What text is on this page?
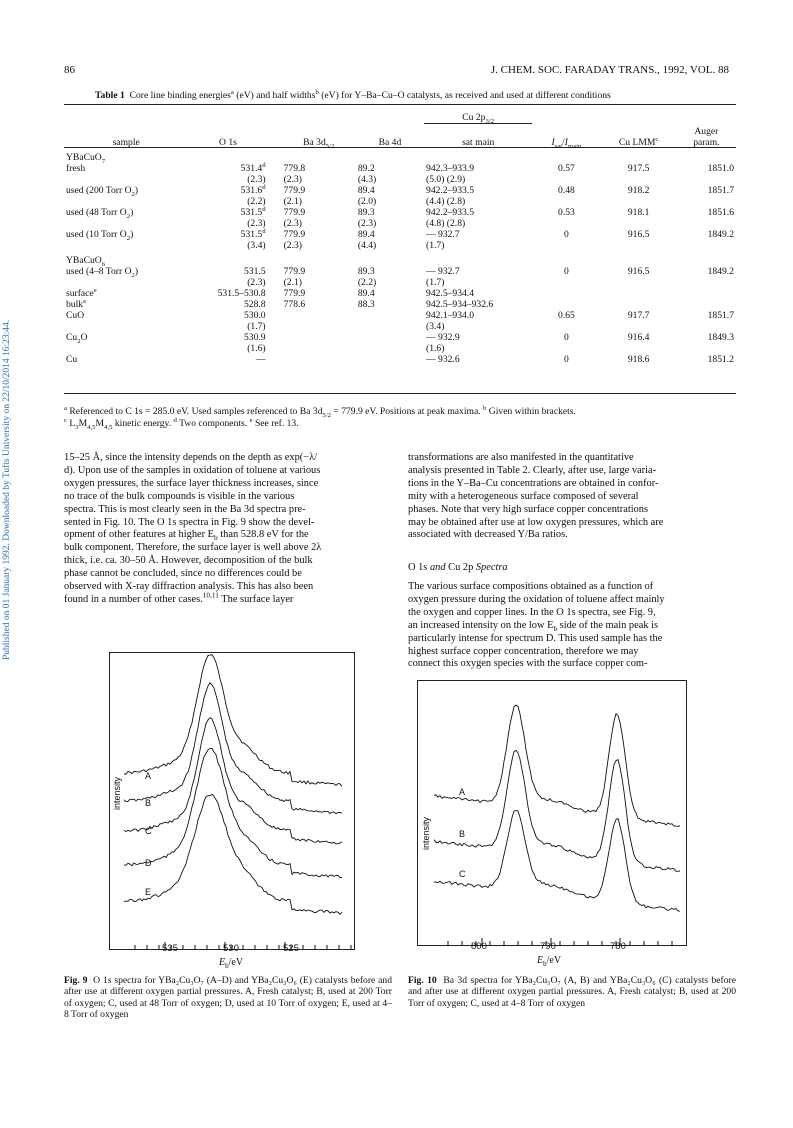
Published on 01 January 1992. Downloaded by Tufts University on 22/10/2014 16:23:44.
86	J. CHEM. SOC. FARADAY TRANS., 1992, VOL. 88
Table 1 Core line binding energies$^a$ (eV) and half widths$^b$ (eV) for Y–Ba–Cu–O catalysts, as received and used at different conditions
				Cu $2p_{3/2}$			

							Auger
sample	O 1s	Ba $3d_{5/2}$	Ba 4d	sat main	$I_{sat}/I_{main}$	Cu LMM$^c$	param.
YBaCuO$_7$
fresh	531.4$^d$	779.8	89.2	942.3–933.9	0.57	917.5	1851.0
	(2.3)	(2.3)	(4.3)	(5.0) (2.9)			
used (200 Torr $O_2$)	531.6$^d$	779.9	89.4	942.2–933.5	0.48	918.2	1851.7
	(2.2)	(2.1)	(2.0)	(4.4) (2.8)			
used (48 Torr $O_2$)	531.5$^d$	779.9	89.3	942.2–933.5	0.53	918.1	1851.6
	(2.3)	(2.3)	(2.3)	(4.8) (2.8)			
used (10 Torr $O_2$)	531.5$^d$	779.9	89.4	— 932.7	0	916.5	1849.2
	(3.4)	(2.3)	(4.4)	(1.7)			
YBaCuO$_6$
used (4–8 Torr $O_2$)	531.5	779.9	89.3	— 932.7	0	916.5	1849.2
	(2.3)	(2.1)	(2.2)	(1.7)			
surface$^e$	531.5–530.8	779.9	89.4	942.5–934.4			
bulk$^e$	528.8	778.6	88.3	942.5–934–932.6			
CuO	530.0			942.1–934.0	0.65	917.7	1851.7
	(1.7)			(3.4)			
$Cu_2O$	530.9			— 932.9	0	916.4	1849.3
	(1.6)			(1.6)			
Cu	—			— 932.6	0	918.6	1851.2
$^a$ Referenced to C 1s = 285.0 eV. Used samples referenced to Ba $3d_{5/2} = 779.9$ eV. Positions at peak maxima. $^b$ Given within brackets.
$^c$ $L_3M_{4,5}M_{4,5}$ kinetic energy. $^d$ Two components. $^e$ See ref. 13.

15–25 Å, since the intensity depends on the depth as exp(−λ/

d). Upon use of the samples in oxidation of toluene at various

oxygen pressures, the surface layer thickness increases, since

no trace of the bulk compounds is visible in the various

spectra. This is most clearly seen in the Ba 3d spectra pre-

sented in Fig. 10. The O 1s spectra in Fig. 9 show the devel-

opment of other features at higher $E_b$ than 528.8 eV for the

bulk component. Therefore, the surface layer is well above 2λ

thick, i.e. ca. 30–50 Å. However, decomposition of the bulk

phase cannot be concluded, since no differences could be

observed with X-ray diffraction analysis. This has also been

found in a number of other cases.$^{10,11}$ The surface layer

transformations are also manifested in the quantitative

analysis presented in Table 2. Clearly, after use, large varia-

tions in the Y–Ba–Cu concentrations are obtained in confor-

mity with a heterogeneous surface composed of several

phases. Note that very high surface copper concentrations

may be obtained after use at low oxygen pressures, which are

associated with decreased Y/Ba ratios.

O 1s and Cu 2p Spectra

The various surface compositions obtained as a function of

oxygen pressure during the oxidation of toluene affect mainly

the oxygen and copper lines. In the O 1s spectra, see Fig. 9,

an increased intensity on the low $E_b$ side of the main peak is

particularly intense for spectrum D. This used sample has the

highest surface copper concentration, therefore we may

connect this oxygen species with the surface copper com-

intensity
A
B
C
D
E
535	530	525
$E_b/eV$
Fig. 9 O 1s spectra for YBa₂Cu₃O₇ (A–D) and YBa₂Cu₃O₆ (E) catalysts before and after use at different oxygen partial pressures. A, Fresh catalyst; B, used at 200 Torr of oxygen; C, used at 48 Torr of oxygen; D, used at 10 Torr of oxygen; E, used at 4–8 Torr of oxygen
intensity
A
B
C
800	790	780
$E_b/eV$
Fig. 10 Ba 3d spectra for YBa₂Cu₃O₇ (A, B) and YBa₂Cu₃O₆ (C) catalysts before and after use at different oxygen partial pressures. A, Fresh catalyst; B, used at 200 Torr of oxygen; C, used at 4–8 Torr of oxygen
